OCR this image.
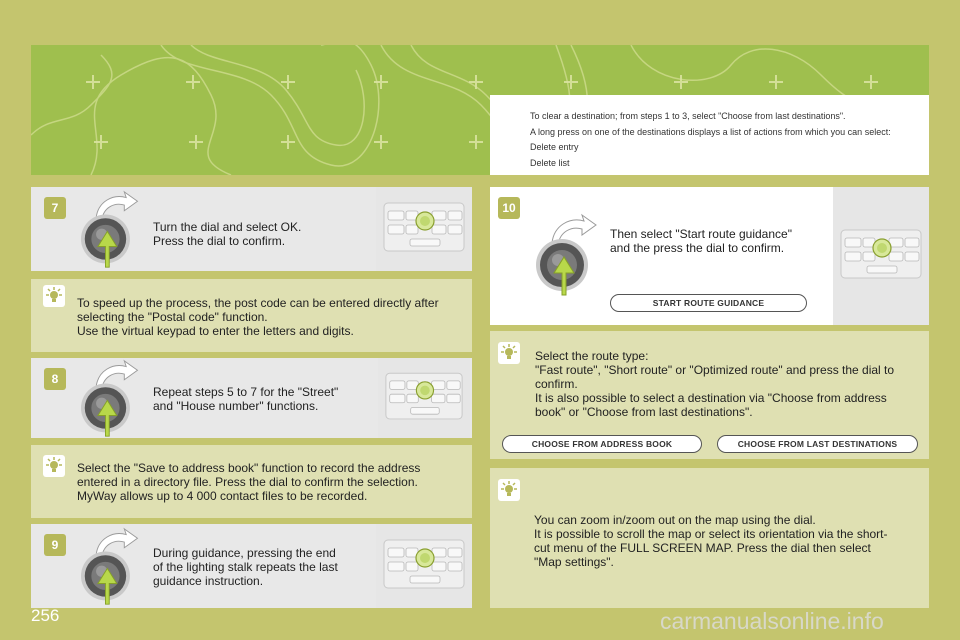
To clear a destination; from steps 1 to 3, select "Choose from last destinations".

A long press on one of the destinations displays a list of actions from which you can select:

Delete entry

Delete list

7
Turn the dial and select OK.
Press the dial to confirm.
To speed up the process, the post code can be entered directly after
selecting the "Postal code" function.
Use the virtual keypad to enter the letters and digits.
8
Repeat steps 5 to 7 for the "Street"
and "House number" functions.
Select the "Save to address book" function to record the address
entered in a directory file. Press the dial to confirm the selection.
MyWay allows up to 4 000 contact files to be recorded.
9
During guidance, pressing the end
of the lighting stalk repeats the last
guidance instruction.
10
Then select "Start route guidance"
and the press the dial to confirm.
START ROUTE GUIDANCE
Select the route type:
"Fast route", "Short route" or "Optimized route" and press the dial to
confirm.
It is also possible to select a destination via "Choose from address
book" or "Choose from last destinations".
CHOOSE FROM ADDRESS BOOK	CHOOSE FROM LAST DESTINATIONS
You can zoom in/zoom out on the map using the dial.
It is possible to scroll the map or select its orientation via the short-
cut menu of the FULL SCREEN MAP. Press the dial then select
"Map settings".
256	carmanualsonline.info
